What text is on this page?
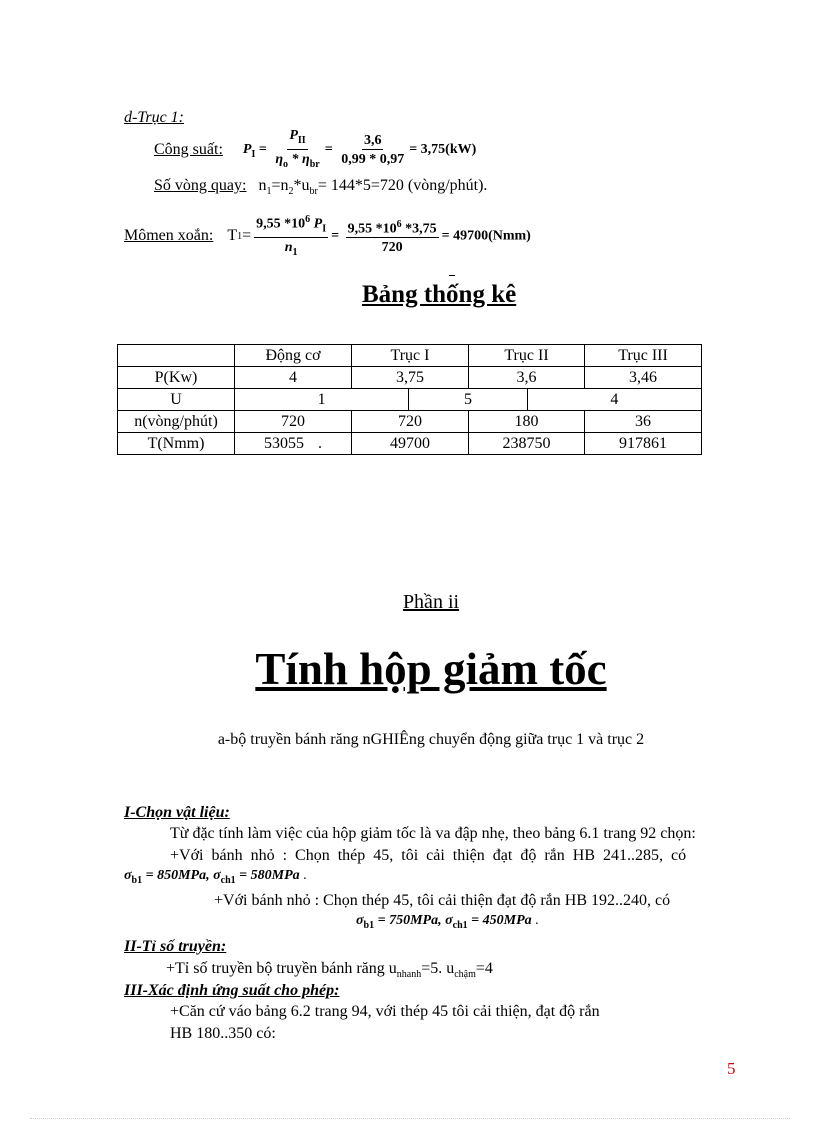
d-Trục 1:
Công suất: $P_I = \frac{P_{II}}{\eta_o * \eta_{br}} = \frac{3,6}{0,99 * 0,97} = 3,75(kW)$
Số vòng quay: $n_1=n_2*u_{br}= 144*5=720$ (vòng/phút).
Mômen xoắn: T $1 = \frac{9,55 *10^6 P_I}{n_1} = \frac{9,55 *10^6 *3,75}{720} = 49700(Nmm)$
Bảng thống kê
	Động cơ	Trục I	Trục II	Trục III
P(Kw)	4	3,75	3,6	3,46
U	1 5 4			

n(vòng/phút)	720	720	180	36
T(Nmm)	53055 .	49700	238750	917861
Phần ii
Tính hộp giảm tốc
a-bộ truyền bánh răng nGHIÊng chuyển động giữa trục 1 và trục 2
I-Chọn vật liệu:
Từ đặc tính làm việc của hộp giảm tốc là va đập nhẹ, theo bảng 6.1 trang 92 chọn:
+Với bánh nhỏ : Chọn thép 45, tôi cải thiện đạt độ rắn HB 241..285, có
$\sigma_{b1} = 850MPa$, $\sigma_{ch1} = 580MPa$ .
+Với bánh nhỏ : Chọn thép 45, tôi cải thiện đạt độ rắn HB 192..240, có
$\sigma_{b1} = 750MPa$, $\sigma_{ch1} = 450MPa$ .
II-Tỉ số truyền:
+Tỉ số truyền bộ truyền bánh răng $u_{nhanh}=5$. $u_{chậm}=4$
III-Xác định ứng suất cho phép:
+Căn cứ váo bảng 6.2 trang 94, với thép 45 tôi cải thiện, đạt độ rắn
HB 180..350 có:
5
